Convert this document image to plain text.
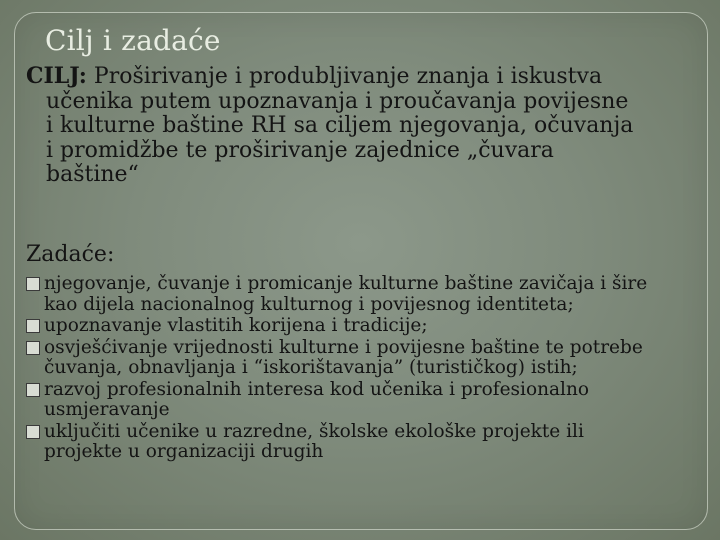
Cilj i zadaće
CILJ: Proširivanje i produbljivanje znanja i iskustva
učenika putem upoznavanja i proučavanja povijesne
i kulturne baštine RH sa ciljem njegovanja, očuvanja
i promidžbe te proširivanje zajednice „čuvara
baštine“
Zadaće:
njegovanje, čuvanje i promicanje kulturne baštine zavičaja i šire
kao dijela nacionalnog kulturnog i povijesnog identiteta;
upoznavanje vlastitih korijena i tradicije;
osvješćivanje vrijednosti kulturne i povijesne baštine te potrebe
čuvanja, obnavljanja i “iskorištavanja” (turističkog) istih;
razvoj profesionalnih interesa kod učenika i profesionalno
usmjeravanje
uključiti učenike u razredne, školske ekološke projekte ili
projekte u organizaciji drugih
